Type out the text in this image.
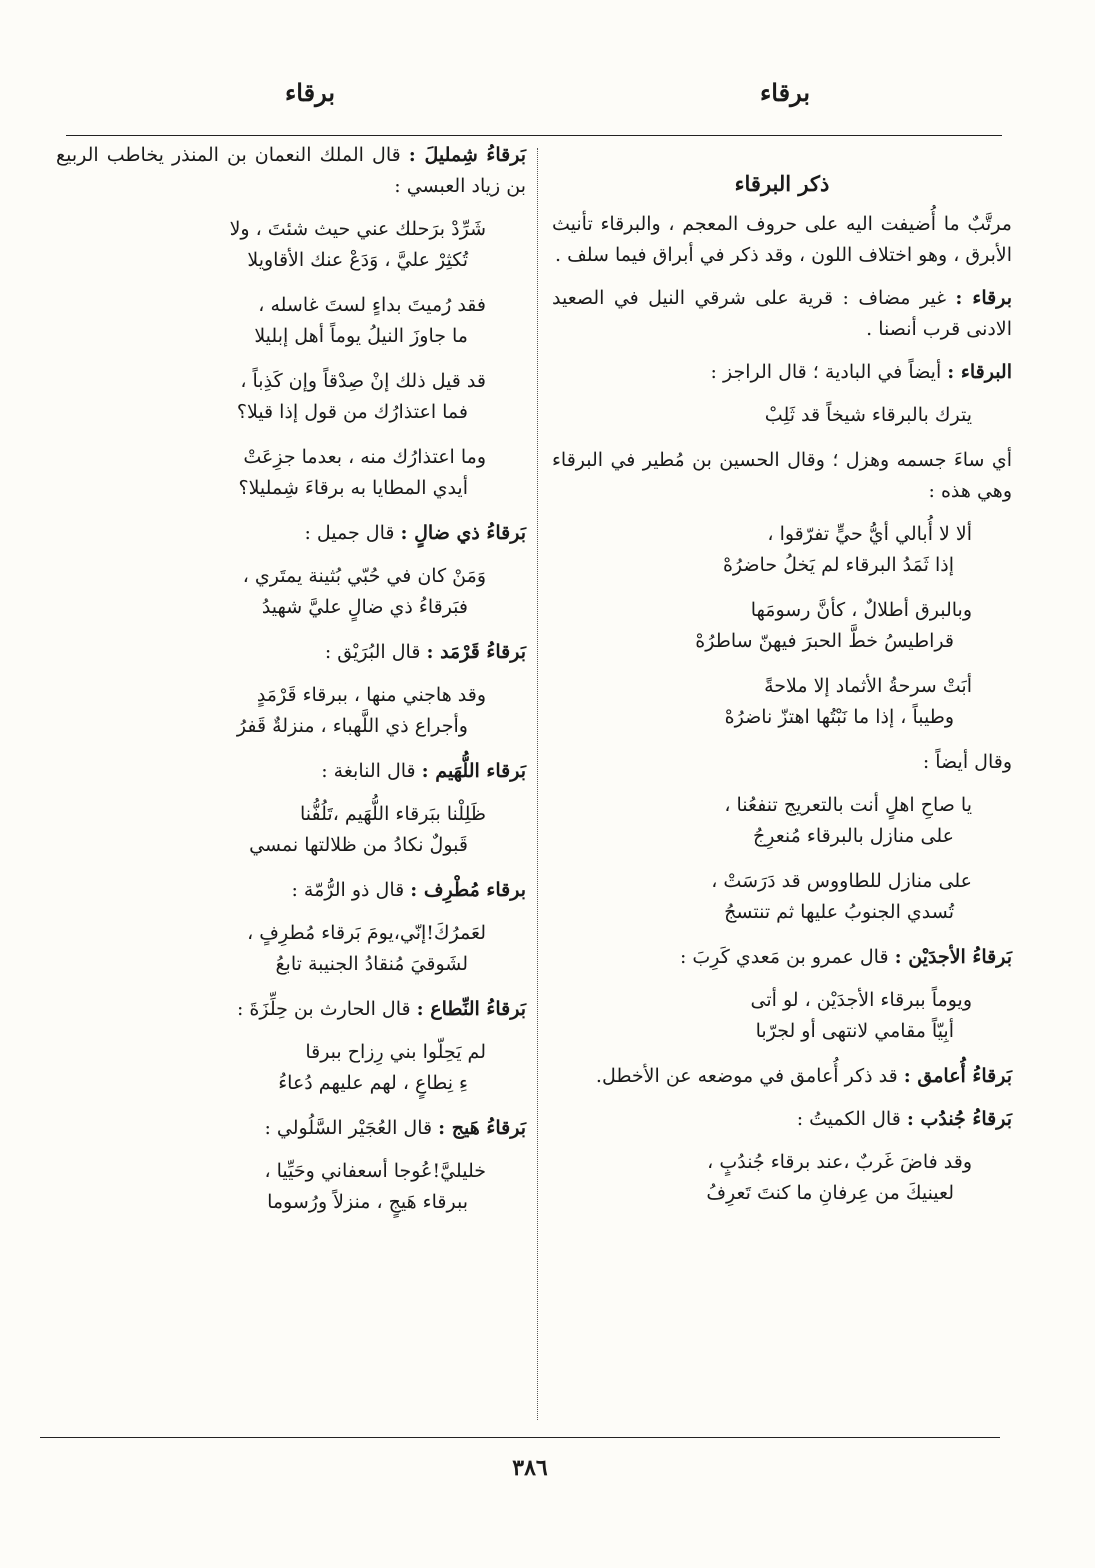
برقاء
برقاء

ذكر البرقاء

مرتَّبٌ ما أُضيفت اليه على حروف المعجم ، والبرقاء تأنيث الأبرق ، وهو اختلاف اللون ، وقد ذكر في أبراق فيما سلف .

برقاء : غير مضاف : قرية على شرقي النيل في الصعيد الادنى قرب أنصنا .

البرقاء : أيضاً في البادية ؛ قال الراجز :

يترك بالبرقاء شيخاً قد ثَلِبْ

أي ساءَ جسمه وهزل ؛ وقال الحسين بن مُطير في البرقاء وهي هذه :

ألا لا أُبالي أيُّ حيٍّ تفرّقوا ،
إذا ثَمَدُ البرقاء لم يَخلُ حاضرُهْ
وبالبرق أطلالٌ ، كأنَّ رسومَها
قراطيسُ خطَّ الحبرَ فيهنّ ساطرُهْ
أبَتْ سرحةُ الأثماد إلا ملاحةً
وطيباً ، إذا ما نَبْتُها اهتزّ ناضرُهْ

وقال أيضاً :

يا صاحِ اهلٍ أنت بالتعريج تنفعُنا ،
على منازل بالبرقاء مُنعرِجُ
على منازل للطاووس قد دَرَسَتْ ،
تُسدي الجنوبُ عليها ثم تنتسجُ

بَرقاءُ الأجدَيْن : قال عمرو بن مَعدي كَرِبَ :

ويوماً ببرقاء الأجدَيْن ، لو أتى
أبِيّاً مقامي لانتهى أو لجرّبا

بَرقاءُ أُعامق : قد ذكر أُعامق في موضعه عن الأخطل.

بَرقاءُ جُندُب : قال الكميتُ :

وقد فاضَ غَربٌ ،عند برقاء جُندُبٍ ،
لعينيكَ من عِرفانِ ما كنتَ تَعرِفُ

بَرقاءُ شِمليلَ : قال الملك النعمان بن المنذر يخاطب الربيع بن زياد العبسي :

شَرِّدْ برَحلك عني حيث شئتَ ، ولا
تُكثِرْ عليَّ ، وَدَعْ عنك الأقاويلا
فقد رُميتَ بداءٍ لستَ غاسله ،
ما جاوزَ النيلُ يوماً أهل إبليلا
قد قيل ذلك إنْ صِدْقاً وإن كَذِباً ،
فما اعتذارُك من قول إذا قيلا؟
وما اعتذارُك منه ، بعدما جزِعَتْ
أيدي المطايا به برقاءَ شِمليلا؟

بَرقاءُ ذي ضالٍ : قال جميل :

وَمَنْ كان في حُبّي بُثينة يمتَري ،
فبَرقاءُ ذي ضالٍ عليَّ شهيدُ

بَرقاءُ قَرْمَد : قال البُرَيْق :

وقد هاجني منها ، ببرقاء قَرْمَدٍ
وأجراع ذي اللَّهباء ، منزلةٌ قَفرُ

بَرقاء اللُّهَيم : قال النابغة :

ظَلِلْنا ببَرقاء اللُّهَيم ،تَلُفُّنا
قَبولٌ نكادُ من ظلالتها نمسي

برقاء مُطْرِف : قال ذو الرُّمّة :

لعَمرُكَ!إنّي،يومَ بَرقاء مُطرِفٍ ،
لشَوقيَ مُنقادُ الجنيبة تابعُ

بَرقاءُ النِّطاع : قال الحارث بن حِلِّزَةَ :

لم يَحِلّوا بني رِزاح ببرقا
ءِ نِطاعٍ ، لهم عليهم دُعاءُ

بَرقاءُ هَيج : قال العُجَيْر السَّلُولي :

خليليَّ!عُوجا أسعفاني وحَيِّيا ،
ببرقاء هَيجٍ ، منزلاً ورُسوما
٣٨٦
